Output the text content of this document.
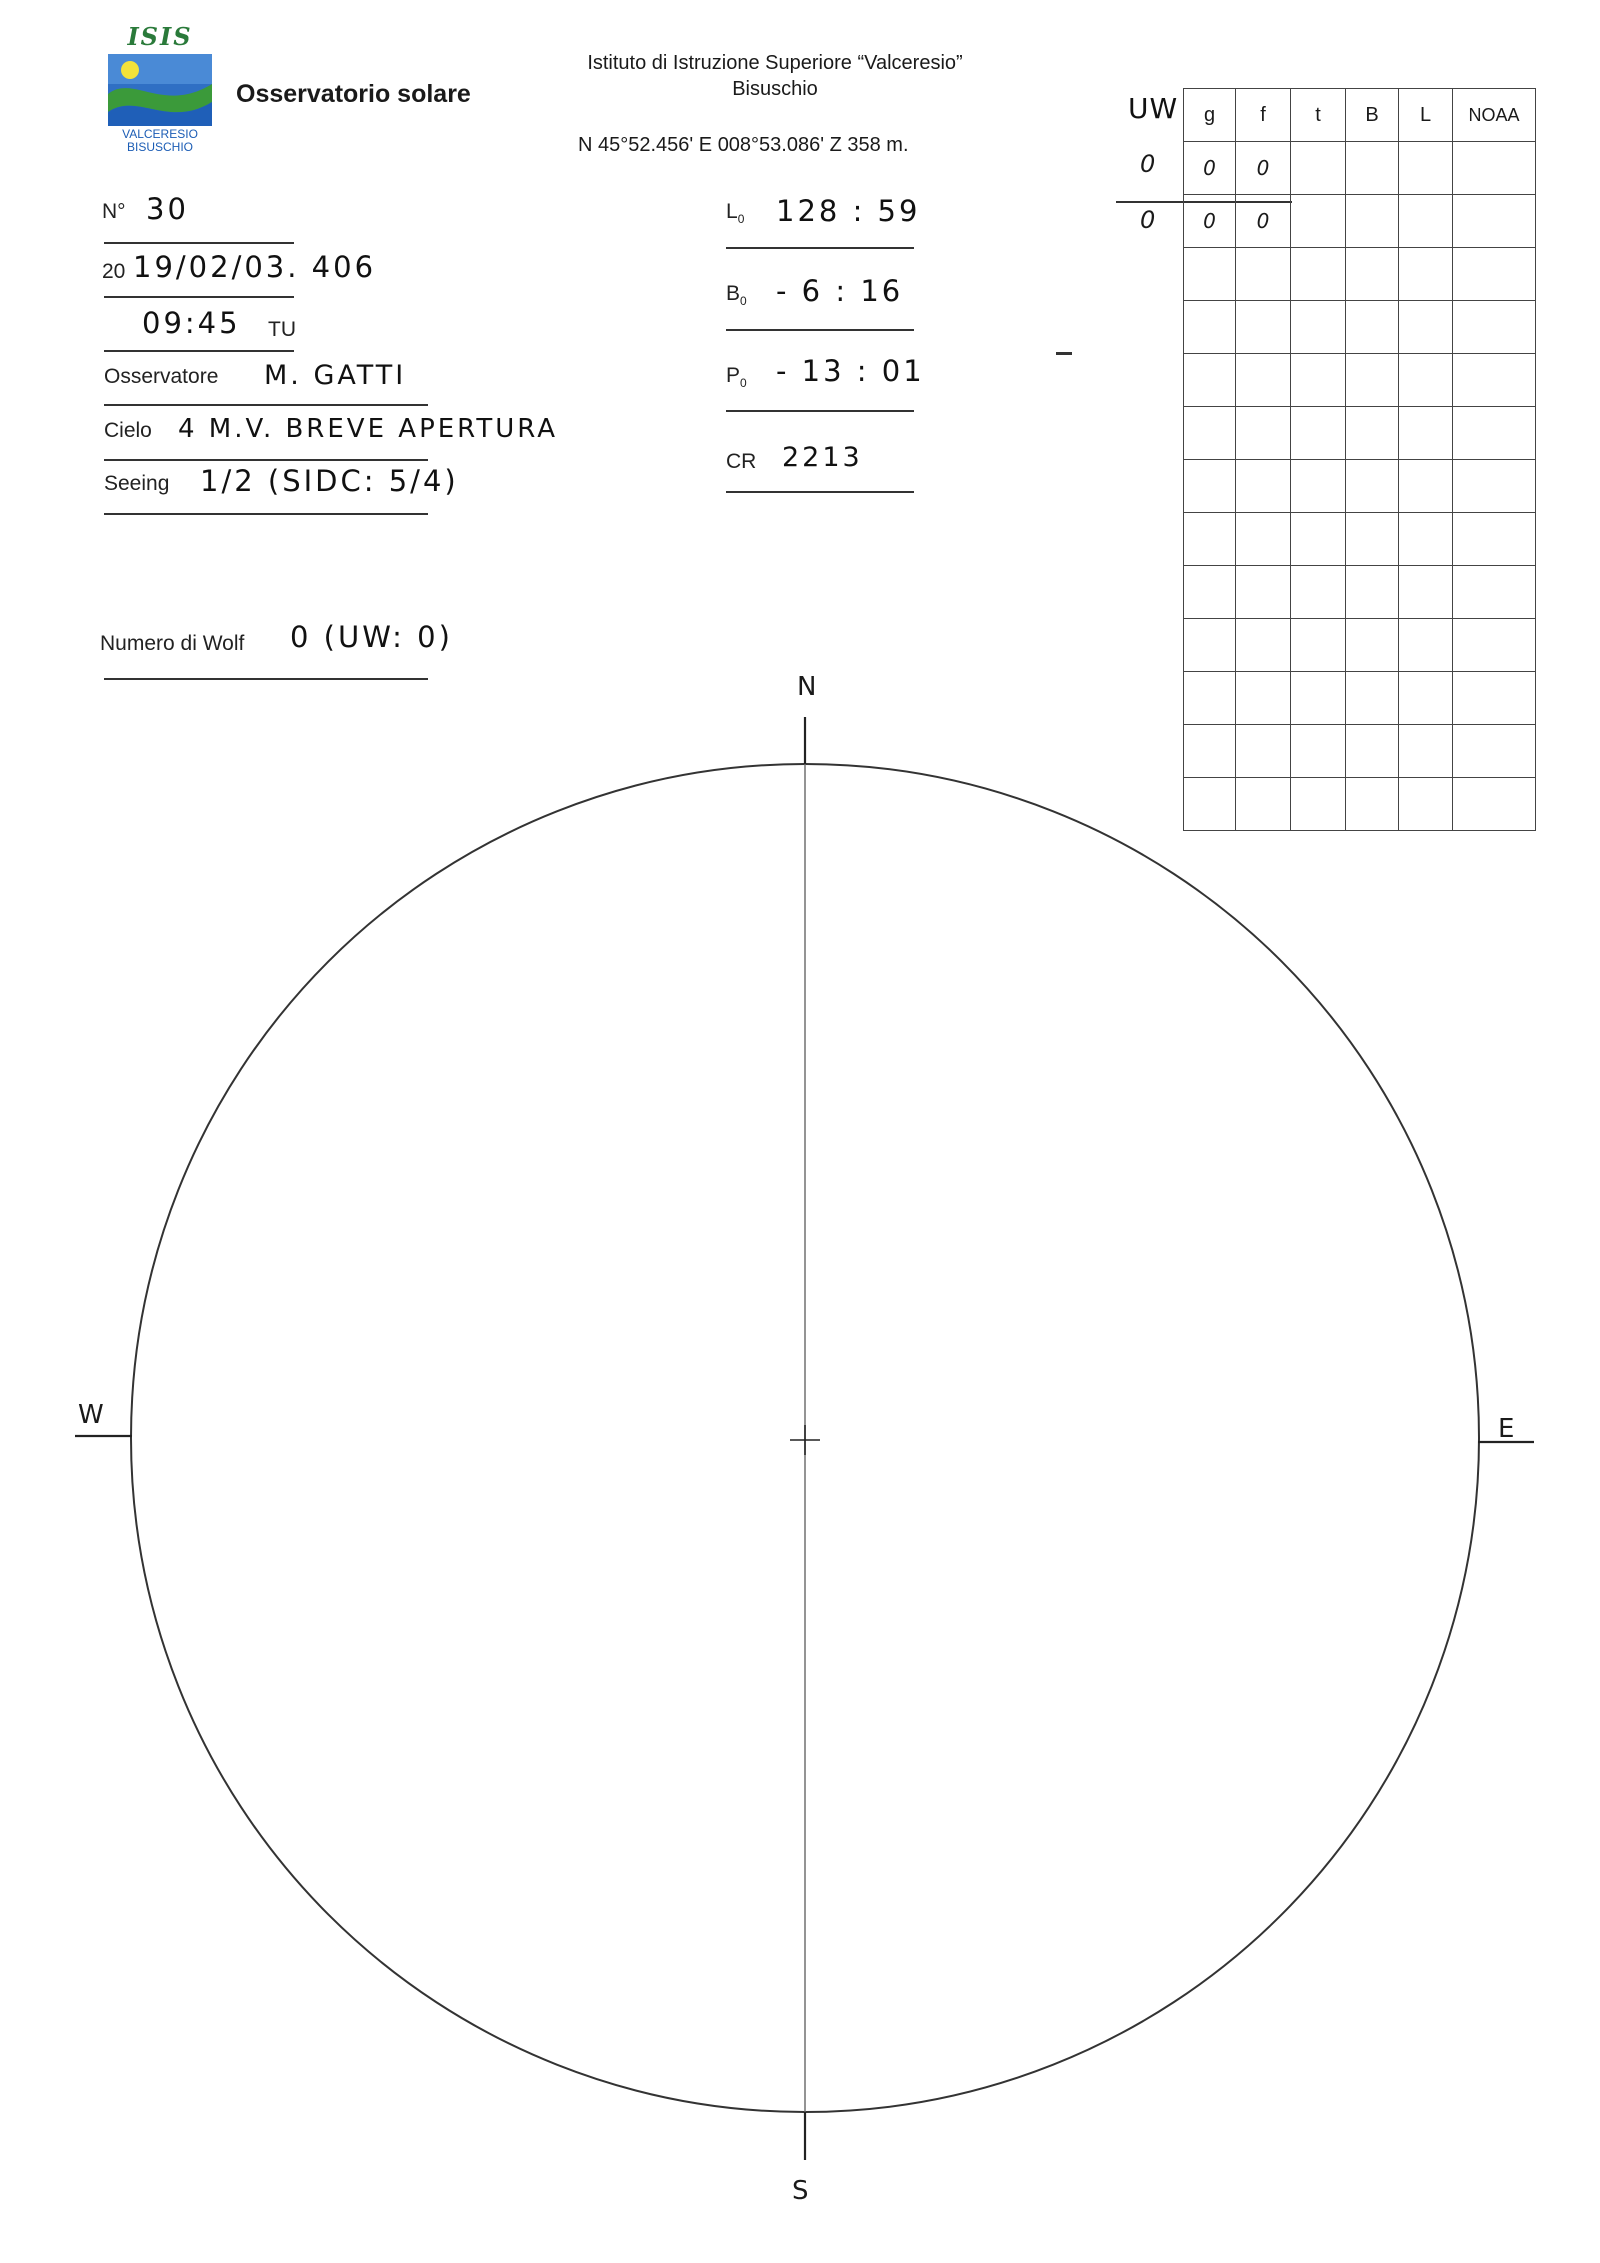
ISIS
VALCERESIO
BISUSCHIO
Osservatorio solare
Istituto di Istruzione Superiore “Valceresio”
Bisuschio
N 45°52.456' E 008°53.086' Z 358 m.
N° 30
20 19/02/03. 406
09:45 TU
Osservatore M. GATTI
Cielo 4 M.V. BREVE APERTURA
Seeing 1/2 (SIDC: 5/4)
Numero di Wolf 0 (UW: 0)
$L_0$ 128 : 59
$B_0 - 6$ : 16
$P_0 - 13$ : 01
CR 2213
UW
0
0
g	f	t	B	L	NOAA
0	0				
0	0				

N
S
W	E
